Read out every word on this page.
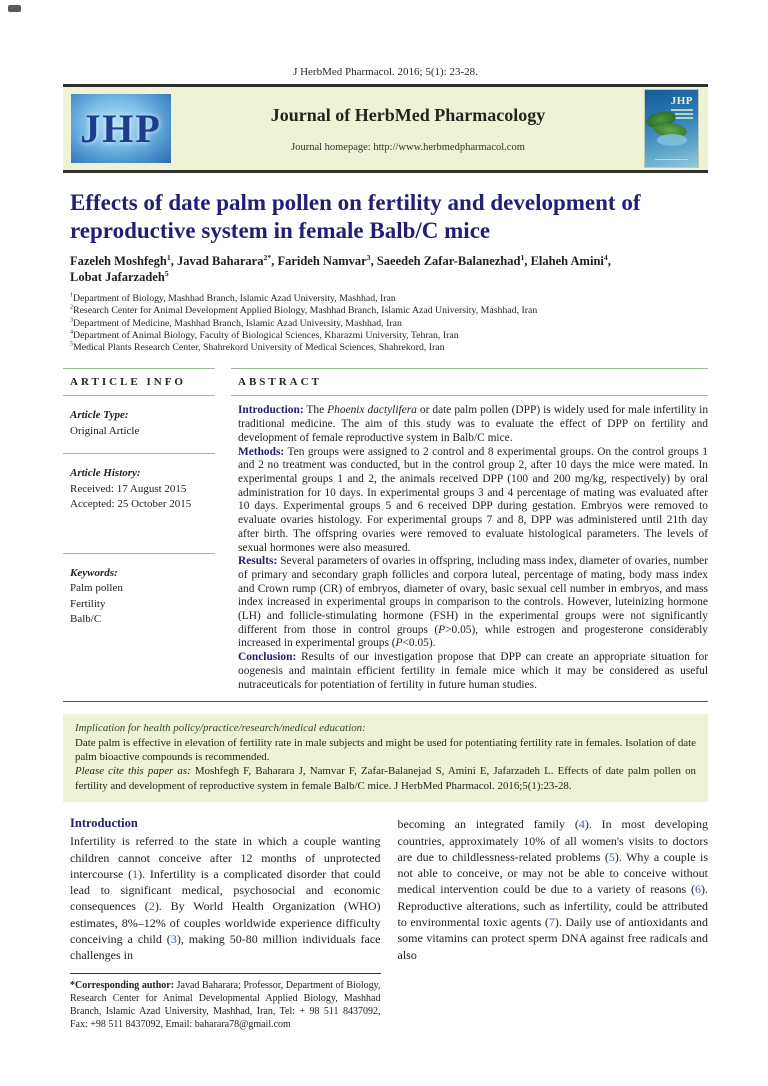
J HerbMed Pharmacol. 2016; 5(1): 23-28.
JHP	Journal of HerbMed Pharmacology
Journal homepage: http://www.herbmedpharmacol.com
JHP
Effects of date palm pollen on fertility and development of reproductive system in female Balb/C mice
Fazeleh Moshfegh$^1$, Javad Baharara$^{2*}$, Farideh Namvar$^3$, Saeedeh Zafar-Balanezhad$^1$, Elaheh Amini$^4$,
Lobat Jafarzadeh$^5$
$^1$Department of Biology, Mashhad Branch, Islamic Azad University, Mashhad, Iran
$^2$Research Center for Animal Development Applied Biology, Mashhad Branch, Islamic Azad University, Mashhad, Iran
$^3$Department of Medicine, Mashhad Branch, Islamic Azad University, Mashhad, Iran
$^4$Department of Animal Biology, Faculty of Biological Sciences, Kharazmi University, Tehran, Iran
$^5$Medical Plants Research Center, Shahrekord University of Medical Sciences, Shahrekord, Iran
ARTICLE INFO
Article Type:
Original Article
Article History:
Received: 17 August 2015
Accepted: 25 October 2015
Keywords:
Palm pollen
Fertility
Balb/C
ABSTRACT

Introduction: The Phoenix dactylifera or date palm pollen (DPP) is widely used for male infertility in traditional medicine. The aim of this study was to evaluate the effect of DPP on fertility and development of female reproductive system in Balb/C mice.

Methods: Ten groups were assigned to 2 control and 8 experimental groups. On the control groups 1 and 2 no treatment was conducted, but in the control group 2, after 10 days the mice were mated. In experimental groups 1 and 2, the animals received DPP (100 and 200 mg/kg, respectively) by oral administration for 10 days. In experimental groups 3 and 4 percentage of mating was evaluated after 10 days. Experimental groups 5 and 6 received DPP during gestation. Embryos were removed to evaluate ovaries histology. For experimental groups 7 and 8, DPP was administered until 21th day after birth. The offspring ovaries were removed to evaluate histological parameters. The levels of sexual hormones were also measured.

Results: Several parameters of ovaries in offspring, including mass index, diameter of ovaries, number of primary and secondary graph follicles and corpora luteal, percentage of mating, body mass index and Crown rump (CR) of embryos, diameter of ovary, basic sexual cell number in embryos, and mass index increased in experimental groups in comparison to the controls. However, luteinizing hormone (LH) and follicle-stimulating hormone (FSH) in the experimental groups were not significantly different from those in control groups (P>0.05), while estrogen and progesterone considerably increased in experimental groups (P<0.05).

Conclusion: Results of our investigation propose that DPP can create an appropriate situation for oogenesis and maintain efficient fertility in female mice which it may be considered as useful nutraceuticals for potentiation of fertility in future human studies.

Implication for health policy/practice/research/medical education:
Date palm is effective in elevation of fertility rate in male subjects and might be used for potentiating fertility rate in females. Isolation of date palm bioactive compounds is recommended.
Please cite this paper as: Moshfegh F, Baharara J, Namvar F, Zafar-Balanejad S, Amini E, Jafarzadeh L. Effects of date palm pollen on fertility and development of reproductive system in female Balb/C mice. J HerbMed Pharmacol. 2016;5(1):23-28.
Introduction

Infertility is referred to the state in which a couple wanting children cannot conceive after 12 months of unprotected intercourse (1). Infertility is a complicated disorder that could lead to significant medical, psychosocial and economic consequences (2). By World Health Organization (WHO) estimates, 8%–12% of couples worldwide experience difficulty conceiving a child (3), making 50-80 million individuals face challenges in

*Corresponding author: Javad Baharara; Professor, Department of Biology, Research Center for Animal Developmental Applied Biology, Mashhad Branch, Islamic Azad University, Mashhad, Iran, Tel: + 98 511 8437092, Fax: +98 511 8437092, Email: baharara78@gmail.com

becoming an integrated family (4). In most developing countries, approximately 10% of all women's visits to doctors are due to childlessness-related problems (5). Why a couple is not able to conceive, or may not be able to conceive without medical intervention could be due to a variety of reasons (6). Reproductive alterations, such as infertility, could be attributed to environmental toxic agents (7). Daily use of antioxidants and some vitamins can protect sperm DNA against free radicals and also
